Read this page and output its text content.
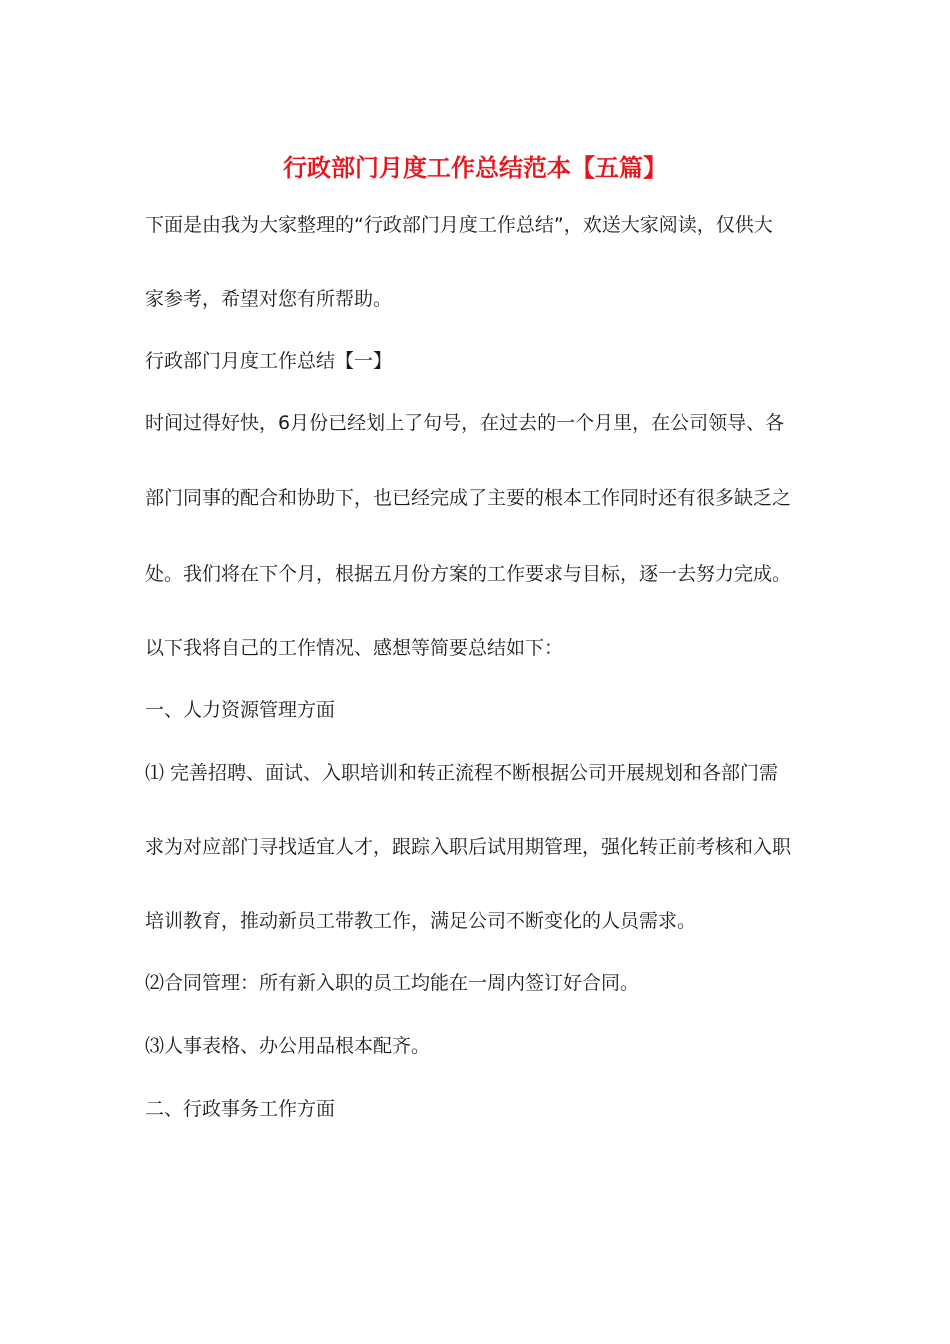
行政部门月度工作总结范本【五篇】
下面是由我为大家整理的“行政部门月度工作总结”，欢送大家阅读，仅供大
家参考，希望对您有所帮助。
行政部门月度工作总结【一】
时间过得好快，6月份已经划上了句号，在过去的一个月里，在公司领导、各
部门同事的配合和协助下，也已经完成了主要的根本工作同时还有很多缺乏之
处。我们将在下个月，根据五月份方案的工作要求与目标，逐一去努力完成。
以下我将自己的工作情况、感想等简要总结如下：
一、人力资源管理方面
⑴ 完善招聘、面试、入职培训和转正流程不断根据公司开展规划和各部门需
求为对应部门寻找适宜人才，跟踪入职后试用期管理，强化转正前考核和入职
培训教育，推动新员工带教工作，满足公司不断变化的人员需求。
⑵合同管理：所有新入职的员工均能在一周内签订好合同。
⑶人事表格、办公用品根本配齐。
二、行政事务工作方面
